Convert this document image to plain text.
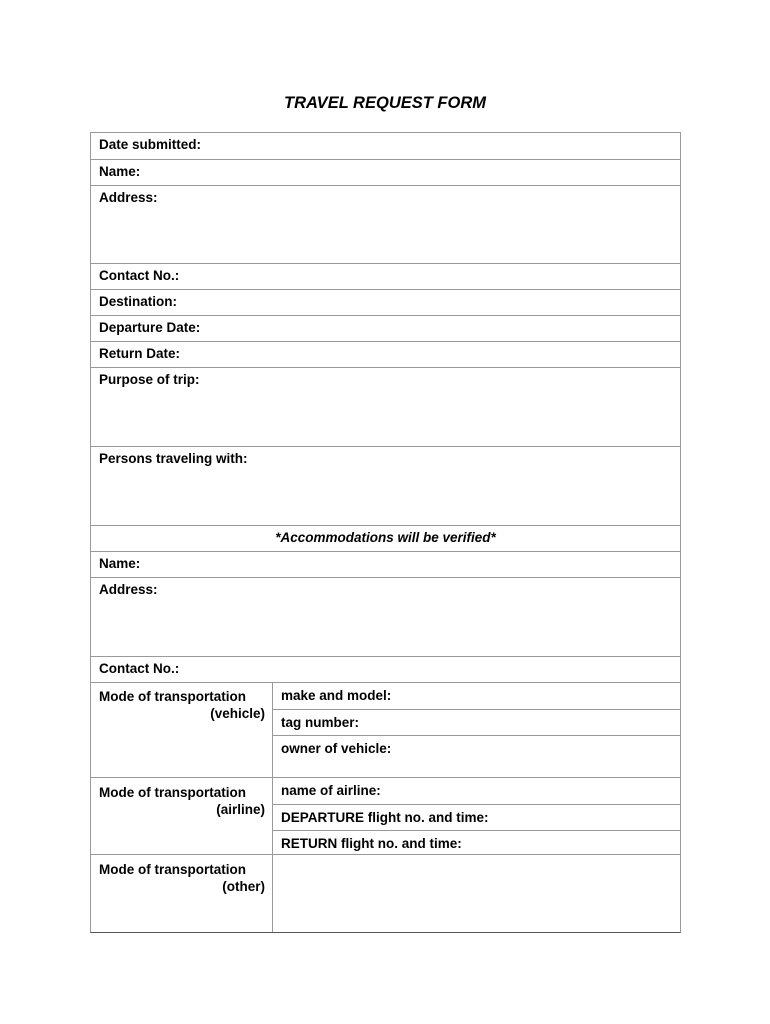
TRAVEL REQUEST FORM
Date submitted:
Name:
Address:
Contact No.:
Destination:
Departure Date:
Return Date:
Purpose of trip:
Persons traveling with:
*Accommodations will be verified*
Name:
Address:
Contact No.:
Mode of transportation
(vehicle)
make and model:
tag number:
owner of vehicle:
Mode of transportation
(airline)
name of airline:
DEPARTURE flight no. and time:
RETURN flight no. and time:
Mode of transportation
(other)
